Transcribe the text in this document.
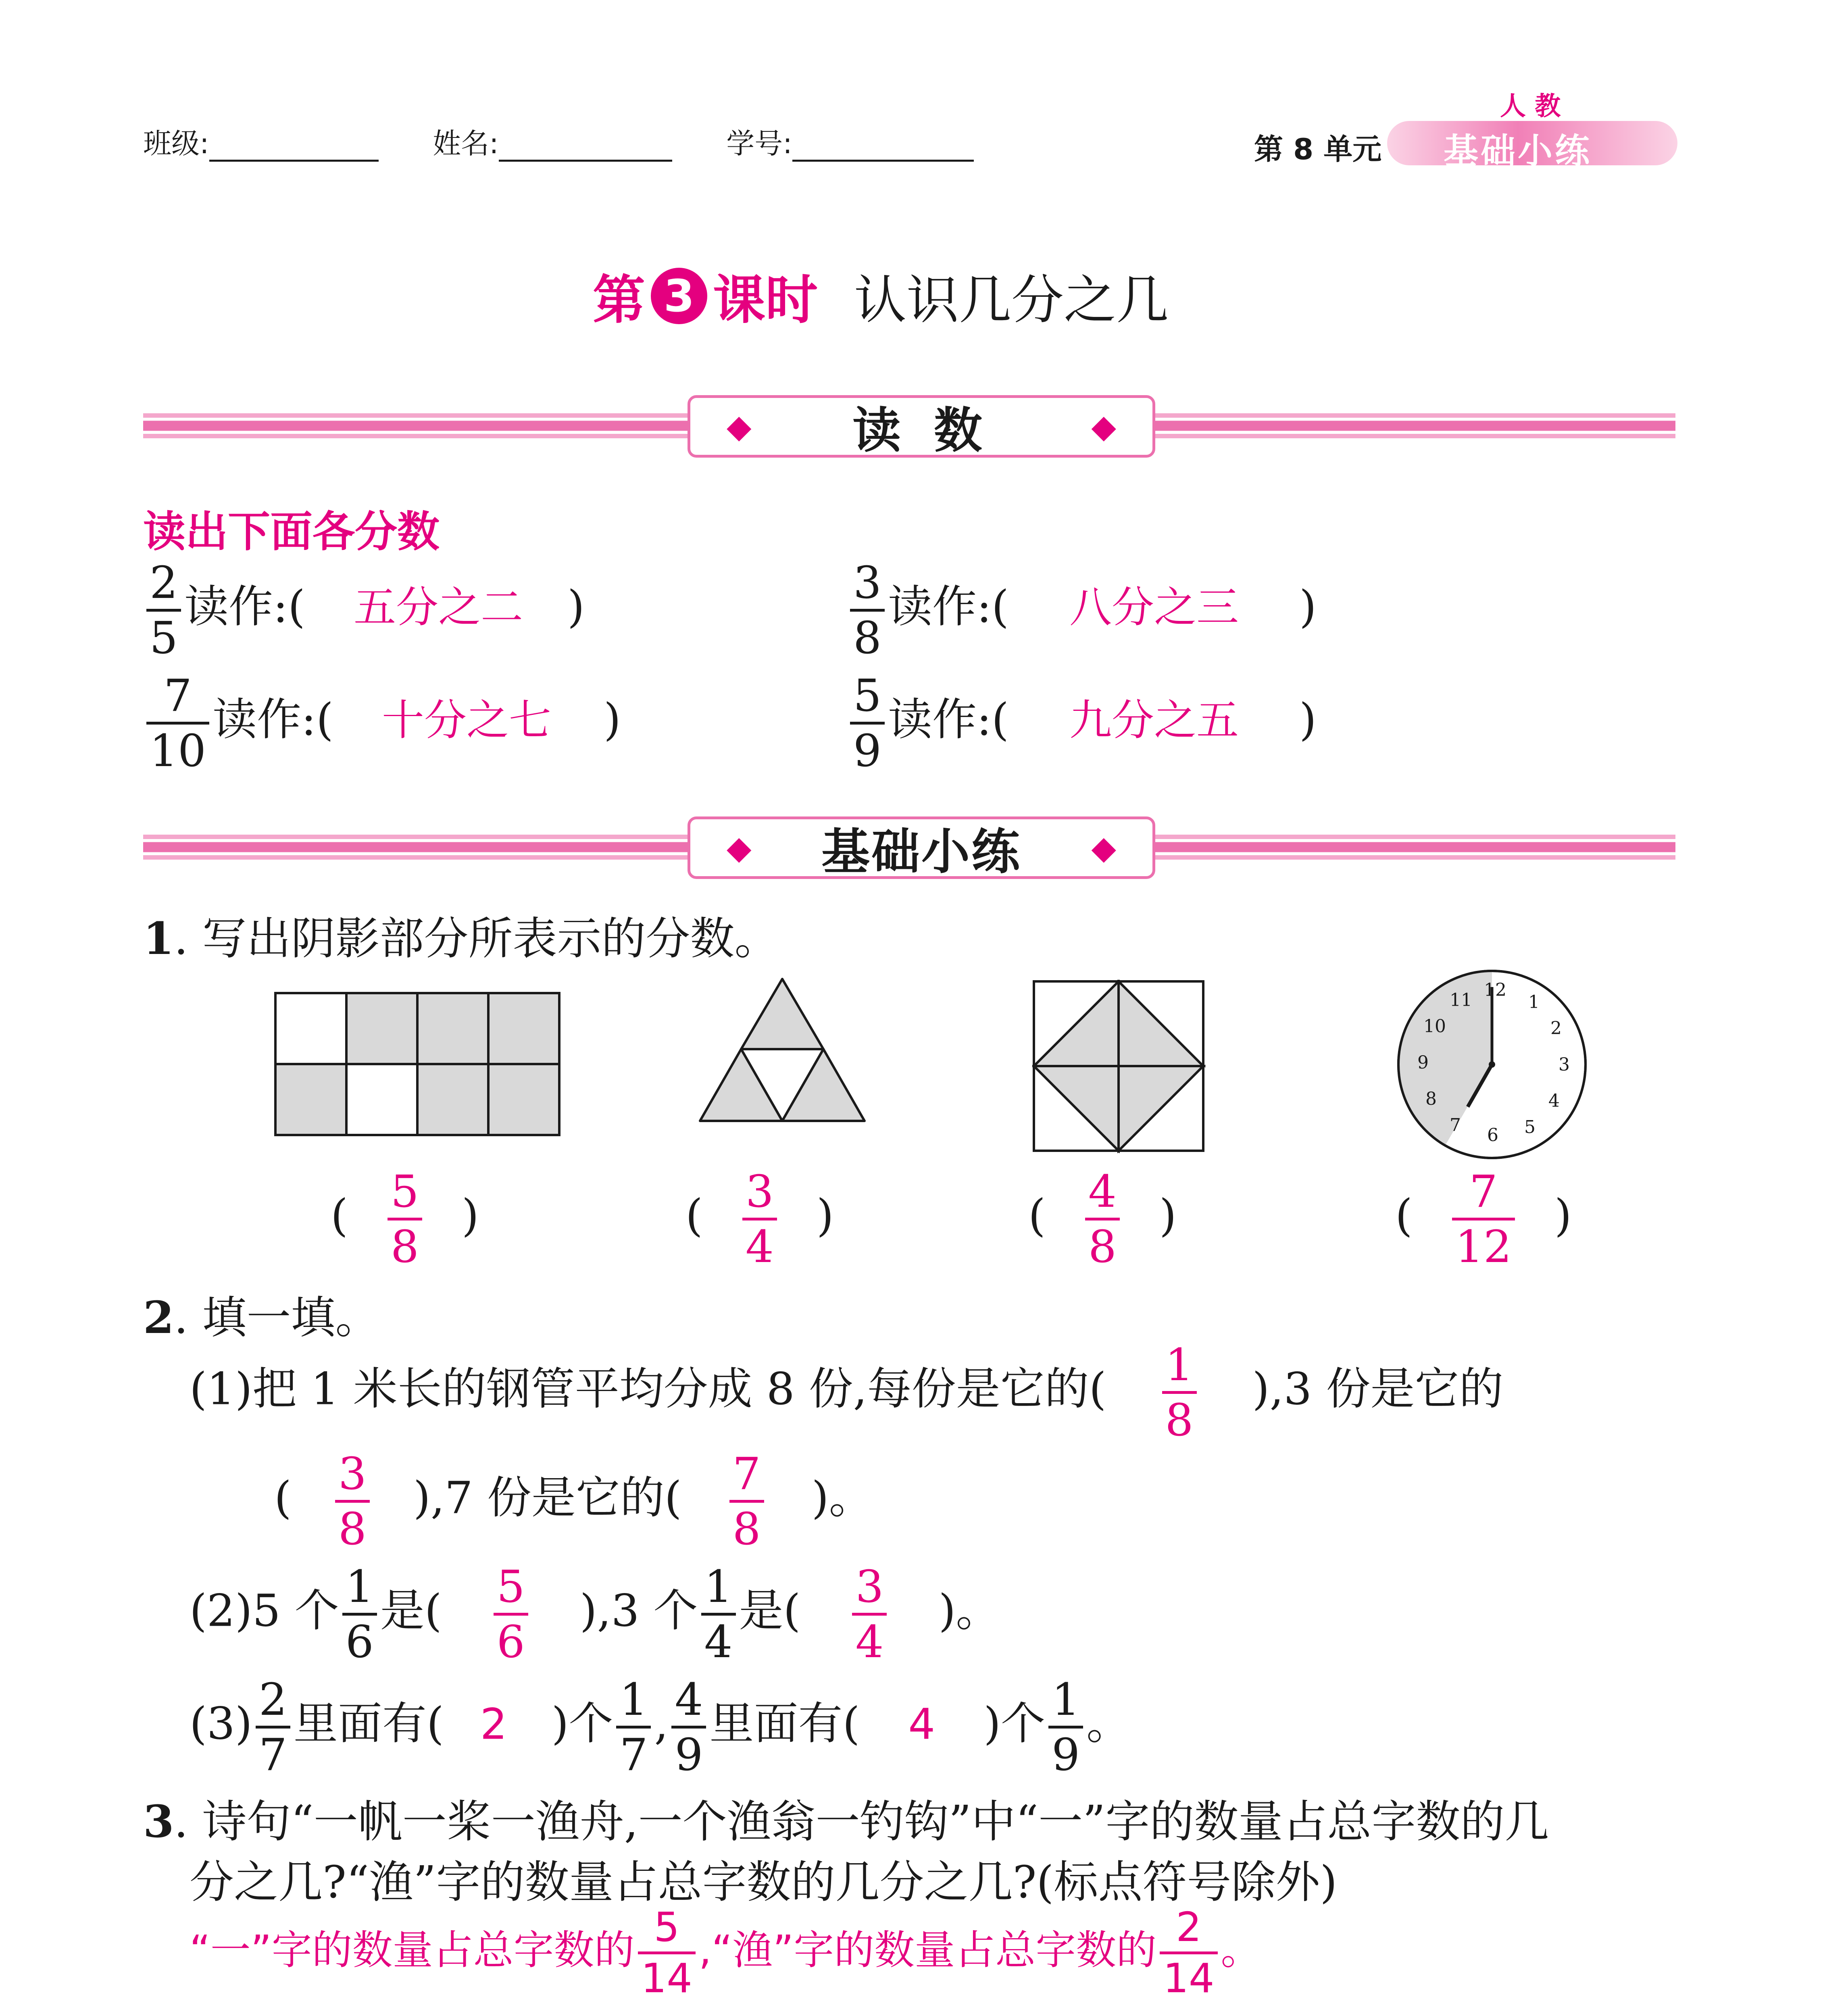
班级:	姓名:	学号:	第 8 单元
人 教
基础小练
第 3 课时 认识几分之几
◆ 读 数	◆
读出下面各分数
$\frac{2}{5}$ 读作:( 五分之二 )	$\frac{3}{8}$ 读作:( 八分之三 )
$\frac{7}{10}$ 读作:( 十分之七 )	$\frac{5}{9}$ 读作:( 九分之五 )
◆ 基础小练 ◆
1. 写出阴影部分所表示的分数。
12
1
2
3
4
5
6
7
8
9
10
11
( $\frac{5}{8}$ )	( $\frac{3}{4}$ )	( $\frac{4}{8}$ )	( $\frac{7}{12}$ )
2. 填一填。
(1)把 1 米长的钢管平均分成 8 份,每份是它的( $\frac{1}{8} ),3$ 份是它的
( $\frac{3}{8} ),7$ 份是它的( $\frac{7}{8}$ )。
(2)5 个 $\frac{1}{6}$ 是( $\frac{5}{6} ),3$ 个 $\frac{1}{4}$ 是( $\frac{3}{4}$ )。
$(3) \frac{2}{7}$ 里面有( 2 )个 $\frac{1}{7}$ , $\frac{4}{9}$ 里面有( 4 )个 $\frac{1}{9}$ 。
3. 诗句“一帆一桨一渔舟,一个渔翁一钓钩”中“一”字的数量占总字数的几
分之几?“渔”字的数量占总字数的几分之几?(标点符号除外)
“一”字的数量占总字数的 $\frac{5}{14}$ ,“渔”字的数量占总字数的 $\frac{2}{14}$ 。
